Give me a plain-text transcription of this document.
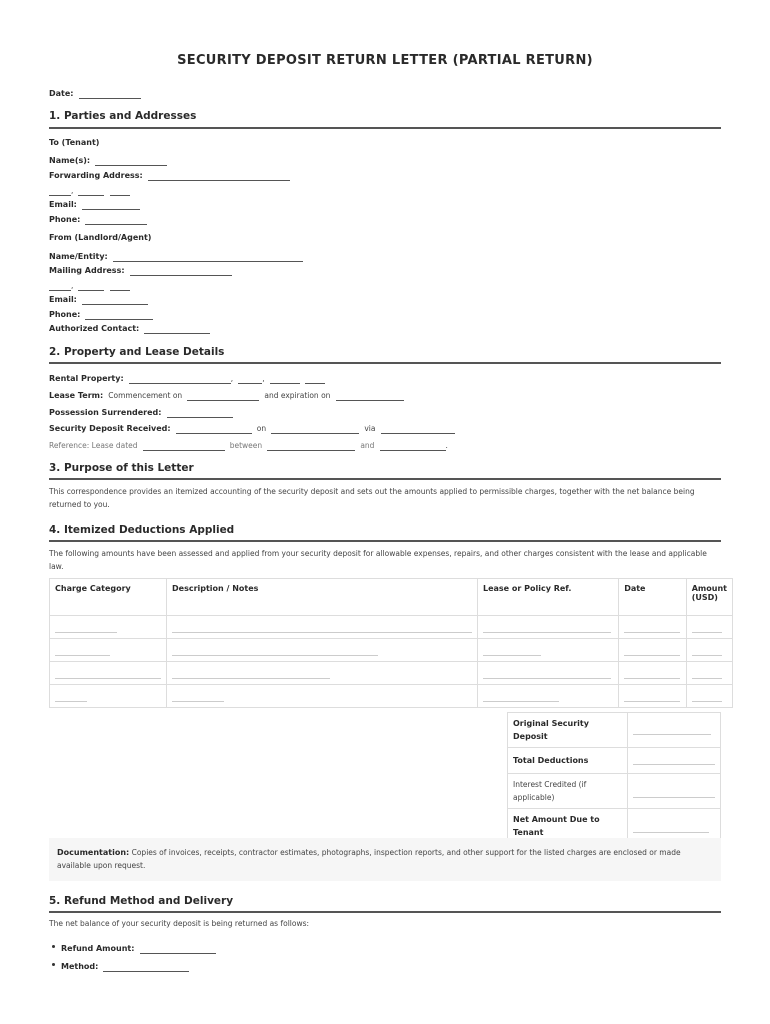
SECURITY DEPOSIT RETURN LETTER (PARTIAL RETURN)
Date:
1. Parties and Addresses
To (Tenant)
Name(s):
Forwarding Address:
,
Email:
Phone:
From (Landlord/Agent)
Name/Entity:
Mailing Address:
,
Email:
Phone:
Authorized Contact:
2. Property and Lease Details
Rental Property:	,	,
Lease Term: Commencement on	and expiration on
Possession Surrendered:
Security Deposit Received:	on	via
Reference: Lease dated	between	and	.
3. Purpose of this Letter
This correspondence provides an itemized accounting of the security deposit and sets out the amounts applied to permissible charges, together with the net balance being returned to you.
4. Itemized Deductions Applied
The following amounts have been assessed and applied from your security deposit for allowable expenses, repairs, and other charges consistent with the lease and applicable law.
Charge Category	Description / Notes	Lease or Policy Ref.	Date	Amount (USD)

Original Security Deposit	

Total Deductions	

Interest Credited (if applicable)	

Net Amount Due to Tenant	
Documentation: Copies of invoices, receipts, contractor estimates, photographs, inspection reports, and other support for the listed charges are enclosed or made available upon request.
5. Refund Method and Delivery
The net balance of your security deposit is being returned as follows:
Refund Amount:
Method:
